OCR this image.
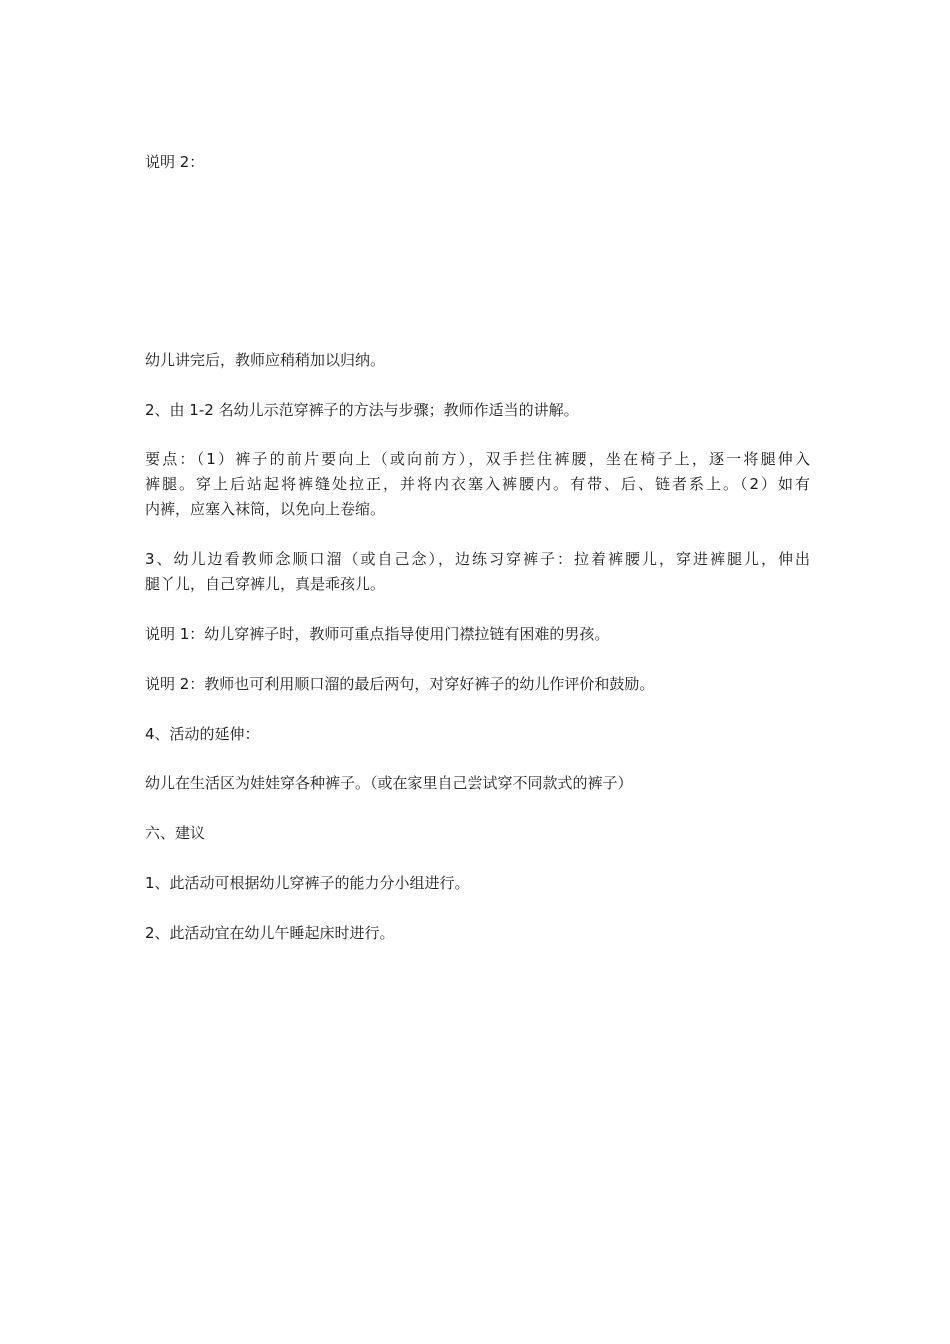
说明 2：

幼儿讲完后，教师应稍稍加以归纳。

2、由 1-2 名幼儿示范穿裤子的方法与步骤；教师作适当的讲解。

要点：（1）裤子的前片要向上（或向前方），双手拦住裤腰，坐在椅子上，逐一将腿伸入
裤腿。穿上后站起将裤缝处拉正，并将内衣塞入裤腰内。有带、后、链者系上。（2）如有
内裤，应塞入袜筒，以免向上卷缩。
3、幼儿边看教师念顺口溜（或自己念），边练习穿裤子：拉着裤腰儿，穿进裤腿儿，伸出
腿丫儿，自己穿裤儿，真是乖孩儿。

说明 1：幼儿穿裤子时，教师可重点指导使用门襟拉链有困难的男孩。

说明 2：教师也可利用顺口溜的最后两句，对穿好裤子的幼儿作评价和鼓励。

4、活动的延伸：

幼儿在生活区为娃娃穿各种裤子。（或在家里自己尝试穿不同款式的裤子）

六、建议

1、此活动可根据幼儿穿裤子的能力分小组进行。

2、此活动宜在幼儿午睡起床时进行。
